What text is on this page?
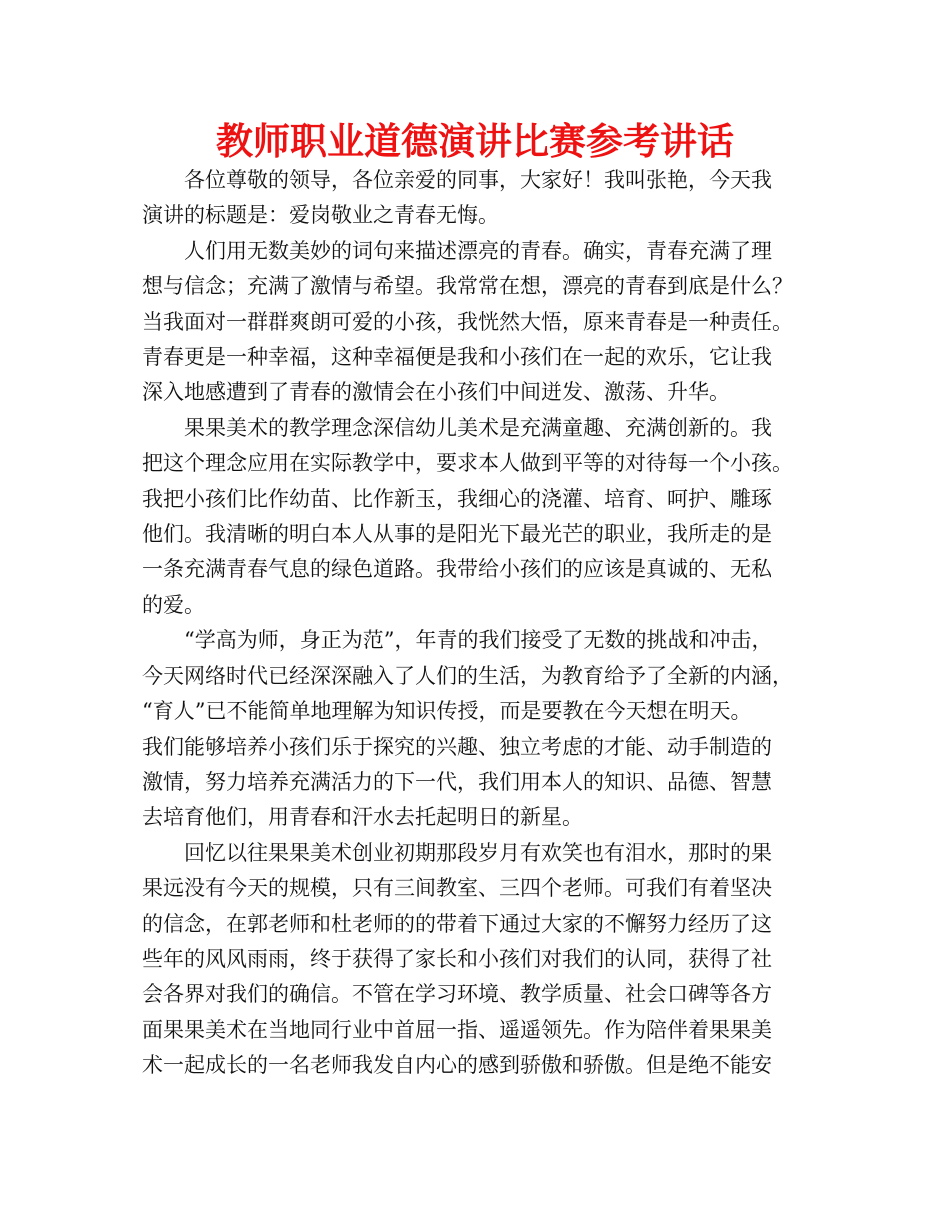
教师职业道德演讲比赛参考讲话

各位尊敬的领导，各位亲爱的同事，大家好！我叫张艳，今天我
演讲的标题是：爱岗敬业之青春无悔。

人们用无数美妙的词句来描述漂亮的青春。确实，青春充满了理
想与信念；充满了激情与希望。我常常在想，漂亮的青春到底是什么？
当我面对一群群爽朗可爱的小孩，我恍然大悟，原来青春是一种责任。
青春更是一种幸福，这种幸福便是我和小孩们在一起的欢乐，它让我
深入地感遭到了青春的激情会在小孩们中间迸发、激荡、升华。

果果美术的教学理念深信幼儿美术是充满童趣、充满创新的。我
把这个理念应用在实际教学中，要求本人做到平等的对待每一个小孩。
我把小孩们比作幼苗、比作新玉，我细心的浇灌、培育、呵护、雕琢
他们。我清晰的明白本人从事的是阳光下最光芒的职业，我所走的是
一条充满青春气息的绿色道路。我带给小孩们的应该是真诚的、无私
的爱。

“学高为师，身正为范”，年青的我们接受了无数的挑战和冲击，
今天网络时代已经深深融入了人们的生活，为教育给予了全新的内涵，
“育人”已不能简单地理解为知识传授，而是要教在今天想在明天。
我们能够培养小孩们乐于探究的兴趣、独立考虑的才能、动手制造的
激情，努力培养充满活力的下一代，我们用本人的知识、品德、智慧
去培育他们，用青春和汗水去托起明日的新星。

回忆以往果果美术创业初期那段岁月有欢笑也有泪水，那时的果
果远没有今天的规模，只有三间教室、三四个老师。可我们有着坚决
的信念，在郭老师和杜老师的的带着下通过大家的不懈努力经历了这
些年的风风雨雨，终于获得了家长和小孩们对我们的认同，获得了社
会各界对我们的确信。不管在学习环境、教学质量、社会口碑等各方
面果果美术在当地同行业中首屈一指、遥遥领先。作为陪伴着果果美
术一起成长的一名老师我发自内心的感到骄傲和骄傲。但是绝不能安
